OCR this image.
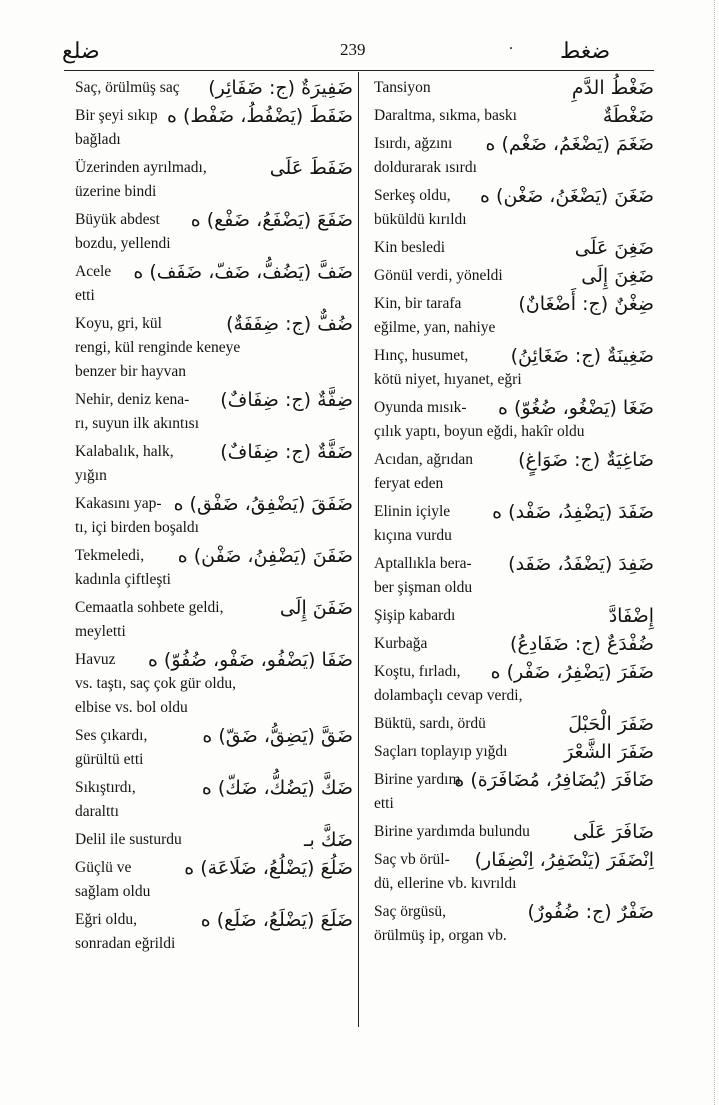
ضلع	239	. ضغط
ضَفِيرَةٌ (ج: ضَفَائِر)
Saç, örülmüş saç
ضَفَطَ (يَضْفُطُ، ضَفْط) ه
Bir şeyi sıkıp
bağladı
ضَفَطَ عَلَى
Üzerinden ayrılmadı,
üzerine bindi
ضَفَعَ (يَضْفَعُ، ضَفْع) ه
Büyük abdest
bozdu, yellendi
ضَفَّ (يَضُفُّ، ضَفّ، ضَفَف) ه
Acele
etti
ضُفٌّ (ج: ضِفَفَةٌ)
Koyu, gri, kül
rengi, kül renginde keneye
benzer bir hayvan
ضِفَّةٌ (ج: ضِفَافٌ)
Nehir, deniz kena-
rı, suyun ilk akıntısı
ضَفَّةٌ (ج: ضِفَافٌ)
Kalabalık, halk,
yığın
ضَفَقَ (يَضْفِقُ، ضَفْق) ه
Kakasını yap-
tı, içi birden boşaldı
ضَفَنَ (يَضْفِنُ، ضَفْن) ه
Tekmeledi,
kadınla çiftleşti
ضَفَنَ إِلَى
Cemaatla sohbete geldi,
meyletti
ضَفَا (يَضْفُو، ضَفْو، ضُفُوّ) ه
Havuz
vs. taştı, saç çok gür oldu,
elbise vs. bol oldu
ضَقَّ (يَضِقُّ، ضَقّ) ه
Ses çıkardı,
gürültü etti
ضَكَّ (يَضُكُّ، ضَكّ) ه
Sıkıştırdı,
daralttı
ضَكَّ بـ
Delil ile susturdu
ضَلُعَ (يَضْلُعُ، ضَلَاعَة) ه
Güçlü ve
sağlam oldu
ضَلَعَ (يَضْلَعُ، ضَلَع) ه
Eğri oldu,
sonradan eğrildi
ضَغْطُ الدَّمِ
Tansiyon
ضَغْطَةٌ
Daraltma, sıkma, baskı
ضَغَمَ (يَضْغَمُ، ضَغْم) ه
Isırdı, ağzını
doldurarak ısırdı
ضَغَنَ (يَضْغَنُ، ضَغْن) ه
Serkeş oldu,
büküldü kırıldı
ضَغِنَ عَلَى
Kin besledi
ضَغِنَ إِلَى
Gönül verdi, yöneldi
ضِغْنٌ (ج: أَضْغَانٌ)
Kin, bir tarafa
eğilme, yan, nahiye
ضَغِينَةٌ (ج: ضَغَائِنُ)
Hınç, husumet,
kötü niyet, hıyanet, eğri
ضَغَا (يَضْغُو، ضُغُوّ) ه
Oyunda mısık-
çılık yaptı, boyun eğdi, hakîr oldu
ضَاغِيَةٌ (ج: ضَوَاغٍ)
Acıdan, ağrıdan
feryat eden
ضَفَدَ (يَضْفِدُ، ضَفْد) ه
Elinin içiyle
kıçına vurdu
ضَفِدَ (يَضْفَدُ، ضَفَد)
Aptallıkla bera-
ber şişman oldu
إِضْفَادَّ
Şişip kabardı
ضُفْدَعٌ (ج: ضَفَادِعُ)
Kurbağa
ضَفَرَ (يَضْفِرُ، ضَفْر) ه
Koştu, fırladı,
dolambaçlı cevap verdi,
ضَفَرَ الْحَبْلَ
Büktü, sardı, ördü
ضَفَرَ الشَّعْرَ
Saçları toplayıp yığdı
ضَافَرَ (يُضَافِرُ، مُضَافَرَة) ه
Birine yardım
etti
ضَافَرَ عَلَى
Birine yardımda bulundu
اِنْضَفَرَ (يَنْضَفِرُ، اِنْضِفَار)
Saç vb örül-
dü, ellerine vb. kıvrıldı
ضَفْرٌ (ج: ضُفُورٌ)
Saç örgüsü,
örülmüş ip, organ vb.
